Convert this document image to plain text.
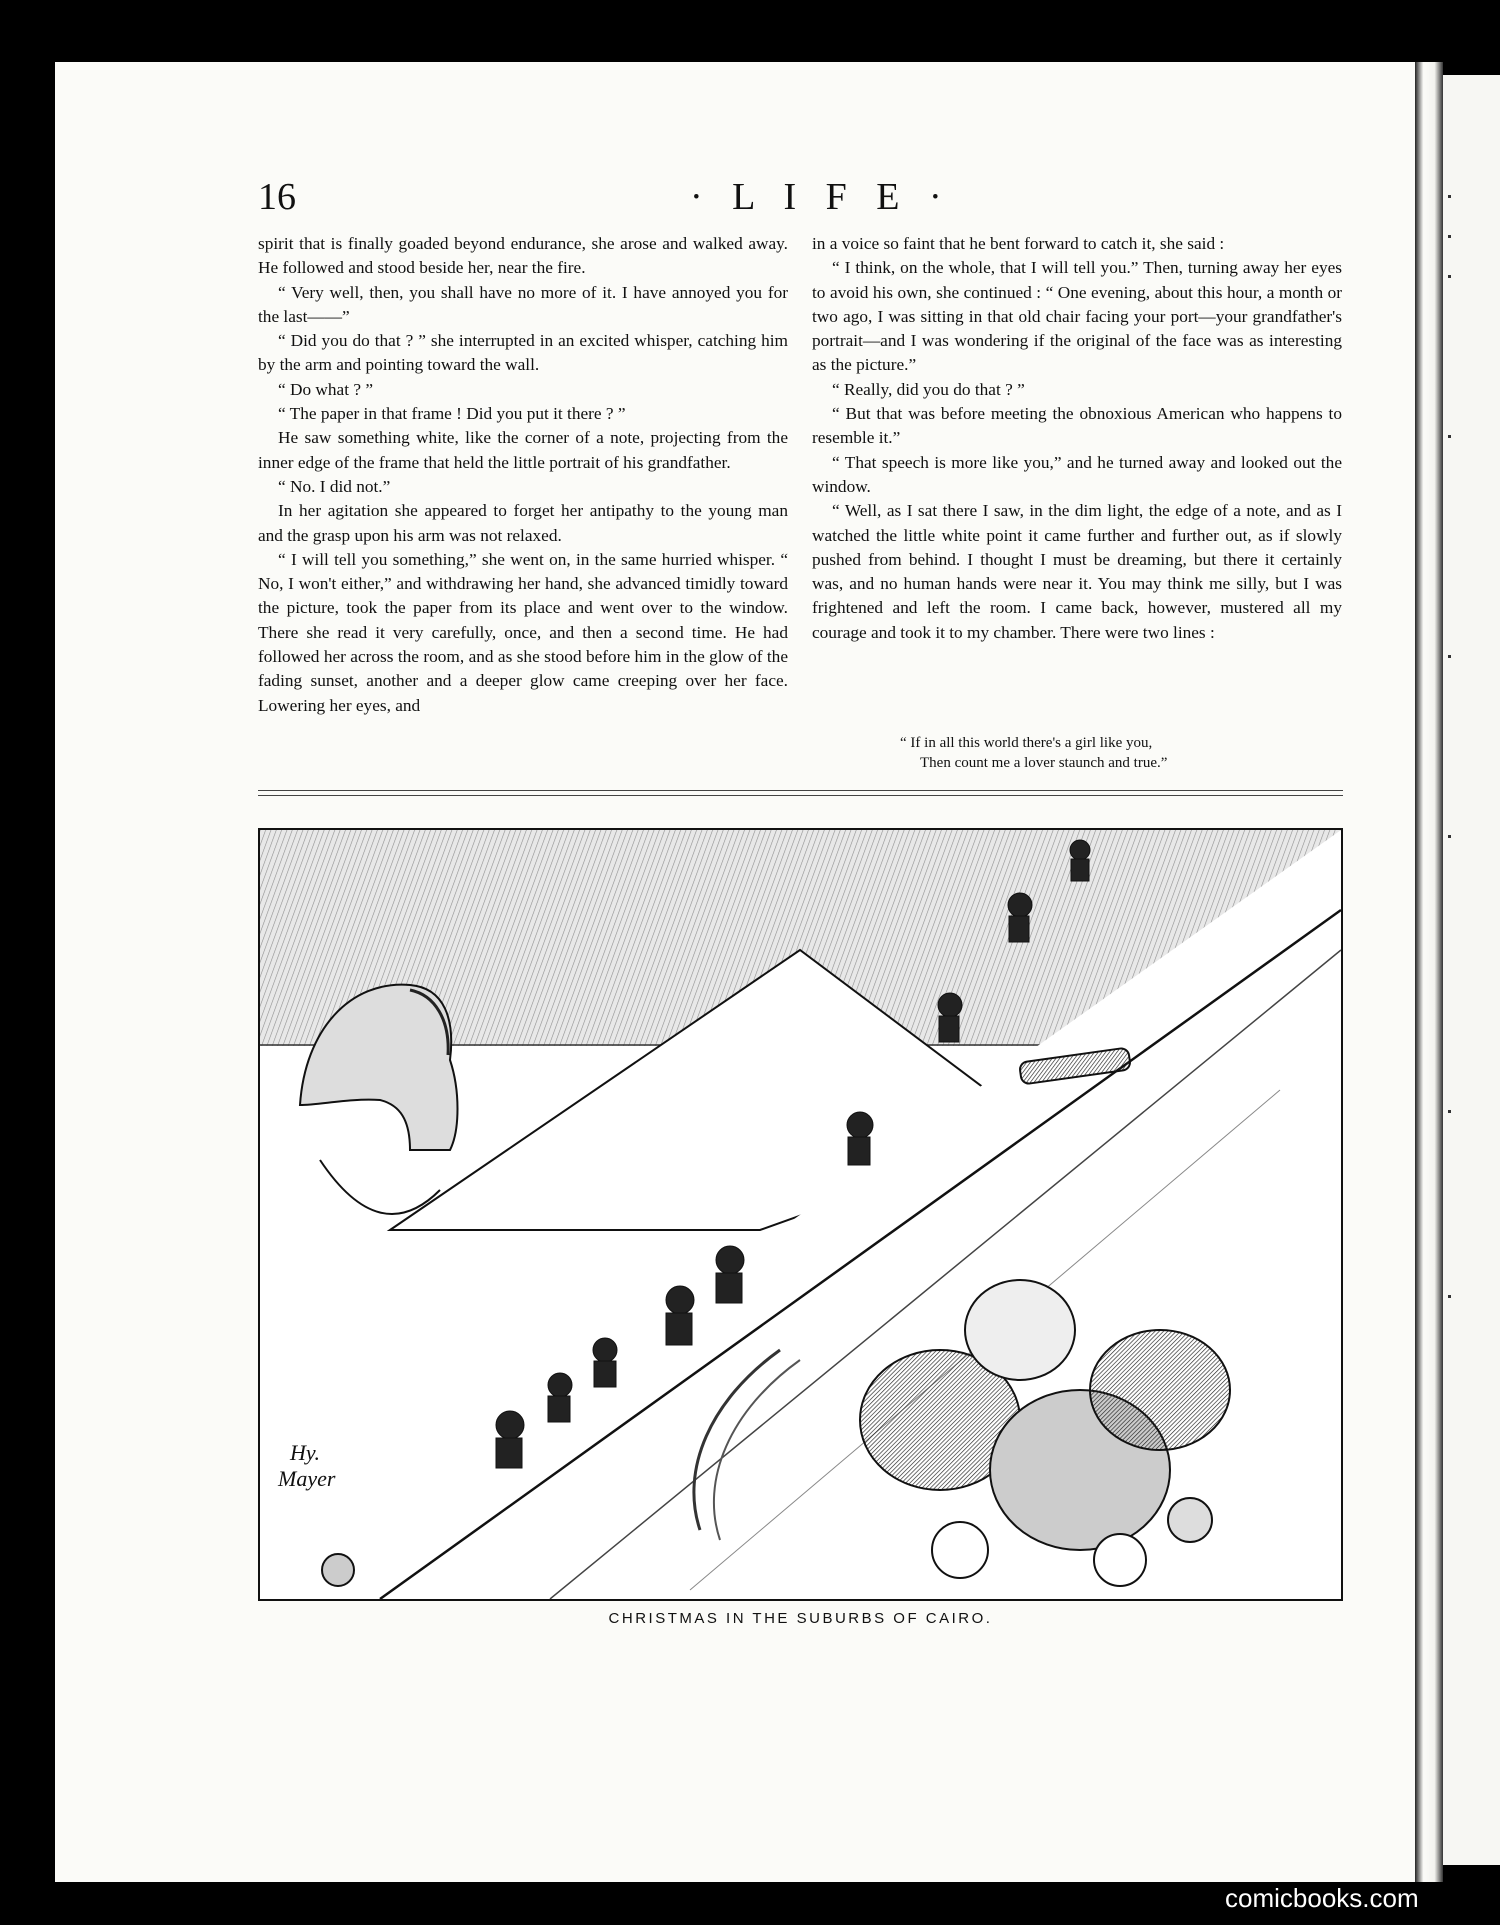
16	· L I F E ·

spirit that is finally goaded beyond endurance, she arose and walked away. He followed and stood beside her, near the fire.

“ Very well, then, you shall have no more of it. I have annoyed you for the last——”

“ Did you do that ? ” she interrupted in an excited whisper, catching him by the arm and pointing toward the wall.

“ Do what ? ”

“ The paper in that frame ! Did you put it there ? ”

He saw something white, like the corner of a note, projecting from the inner edge of the frame that held the little portrait of his grandfather.

“ No. I did not.”

In her agitation she appeared to forget her antipathy to the young man and the grasp upon his arm was not relaxed.

“ I will tell you something,” she went on, in the same hurried whisper. “ No, I won't either,” and withdrawing her hand, she advanced timidly toward the picture, took the paper from its place and went over to the window. There she read it very carefully, once, and then a second time. He had followed her across the room, and as she stood before him in the glow of the fading sunset, another and a deeper glow came creeping over her face. Lowering her eyes, and

in a voice so faint that he bent forward to catch it, she said :

“ I think, on the whole, that I will tell you.” Then, turning away her eyes to avoid his own, she continued : “ One evening, about this hour, a month or two ago, I was sitting in that old chair facing your port—your grandfather's portrait—and I was wondering if the original of the face was as interesting as the picture.”

“ Really, did you do that ? ”

“ But that was before meeting the obnoxious American who happens to resemble it.”

“ That speech is more like you,” and he turned away and looked out the window.

“ Well, as I sat there I saw, in the dim light, the edge of a note, and as I watched the little white point it came further and further out, as if slowly pushed from behind. I thought I must be dreaming, but there it certainly was, and no human hands were near it. You may think me silly, but I was frightened and left the room. I came back, however, mustered all my courage and took it to my chamber. There were two lines :

“ If in all this world there's a girl like you,
Then count me a lover staunch and true.”
Hy.
Mayer
CHRISTMAS IN THE SUBURBS OF CAIRO.
comicbooks.com
